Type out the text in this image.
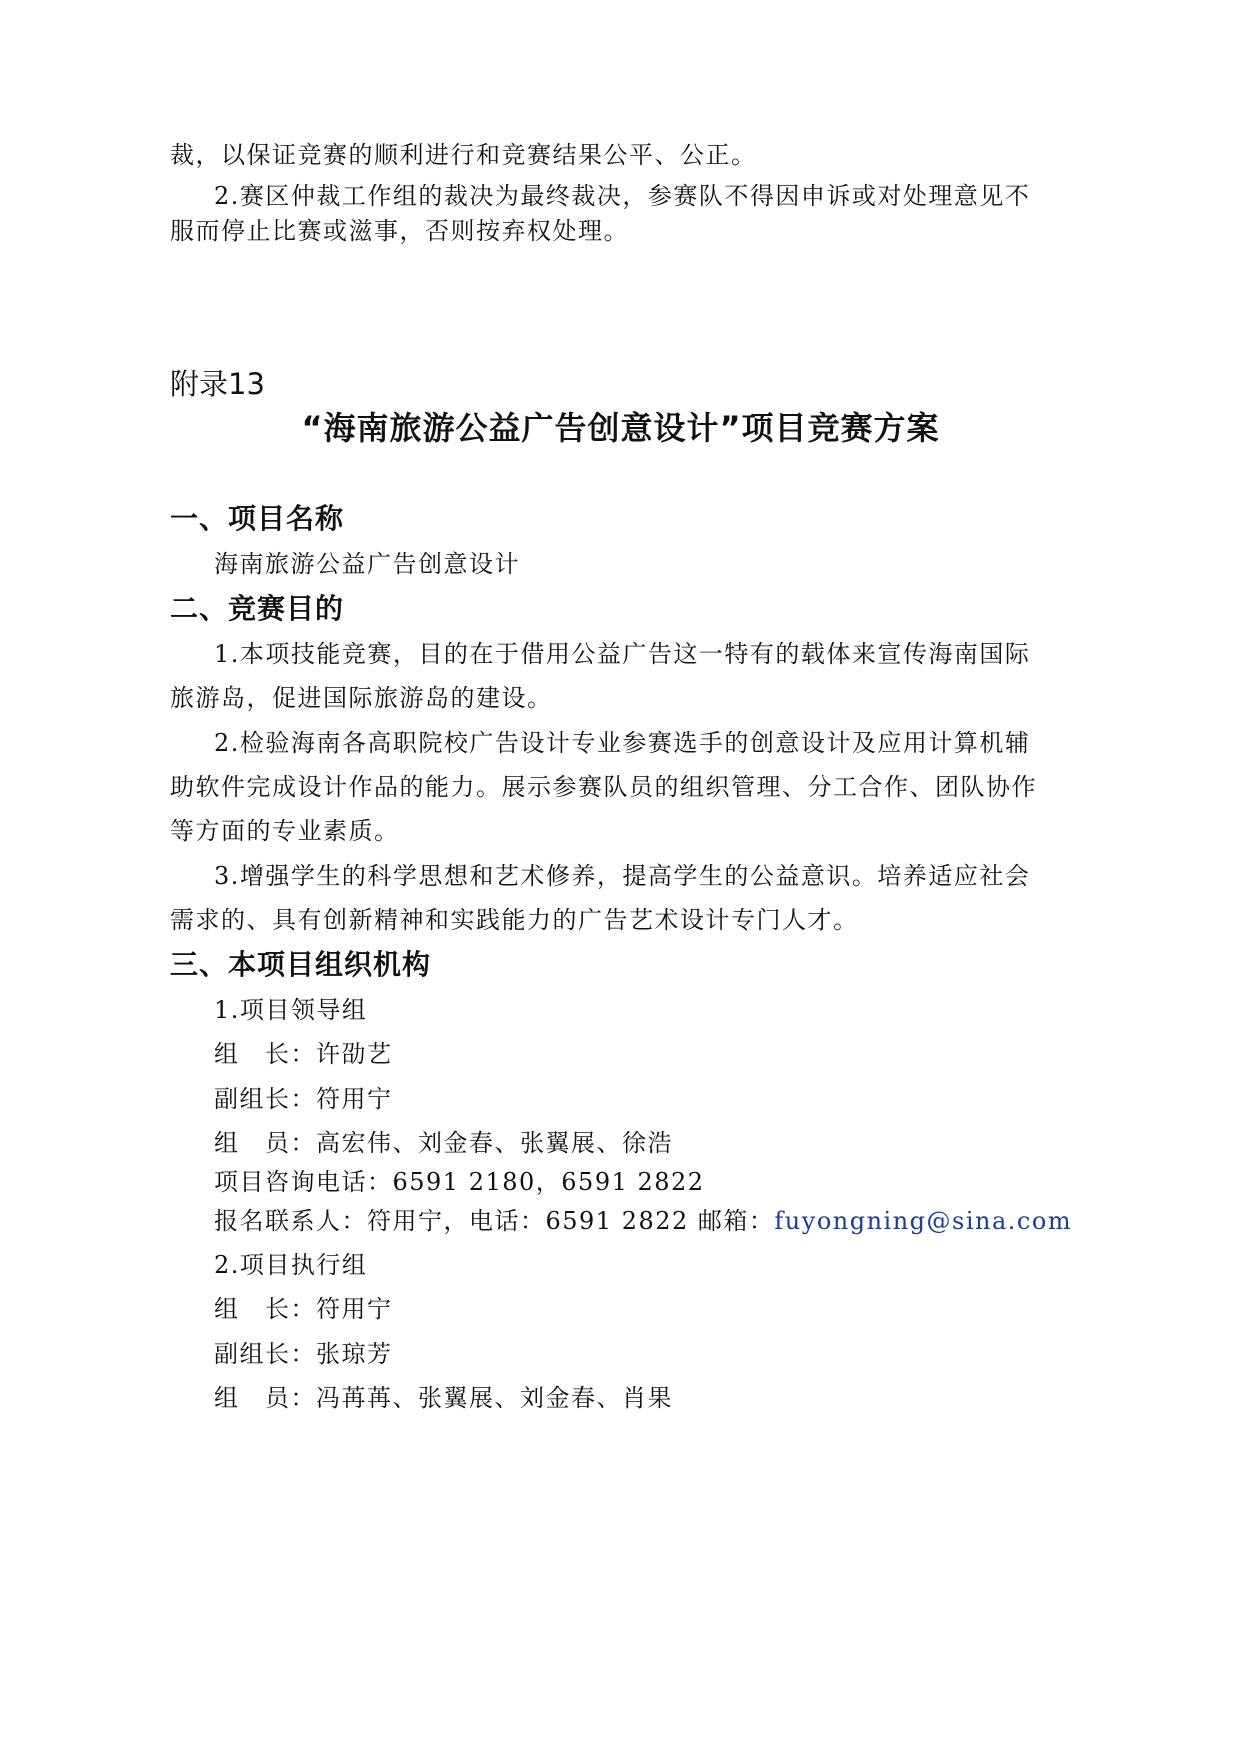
裁，以保证竞赛的顺利进行和竞赛结果公平、公正。
2.赛区仲裁工作组的裁决为最终裁决，参赛队不得因申诉或对处理意见不
服而停止比赛或滋事，否则按弃权处理。
附录13
“海南旅游公益广告创意设计”项目竞赛方案
一、项目名称
海南旅游公益广告创意设计
二、竞赛目的
1.本项技能竞赛，目的在于借用公益广告这一特有的载体来宣传海南国际
旅游岛，促进国际旅游岛的建设。
2.检验海南各高职院校广告设计专业参赛选手的创意设计及应用计算机辅
助软件完成设计作品的能力。展示参赛队员的组织管理、分工合作、团队协作
等方面的专业素质。
3.增强学生的科学思想和艺术修养，提高学生的公益意识。培养适应社会
需求的、具有创新精神和实践能力的广告艺术设计专门人才。
三、本项目组织机构
1.项目领导组
组　长：许劭艺
副组长：符用宁
组　员：高宏伟、刘金春、张翼展、徐浩
项目咨询电话：6591 2180，6591 2822
报名联系人：符用宁，电话：6591 2822 邮箱：fuyongning@sina.com
2.项目执行组
组　长：符用宁
副组长：张琼芳
组　员：冯苒苒、张翼展、刘金春、肖果
